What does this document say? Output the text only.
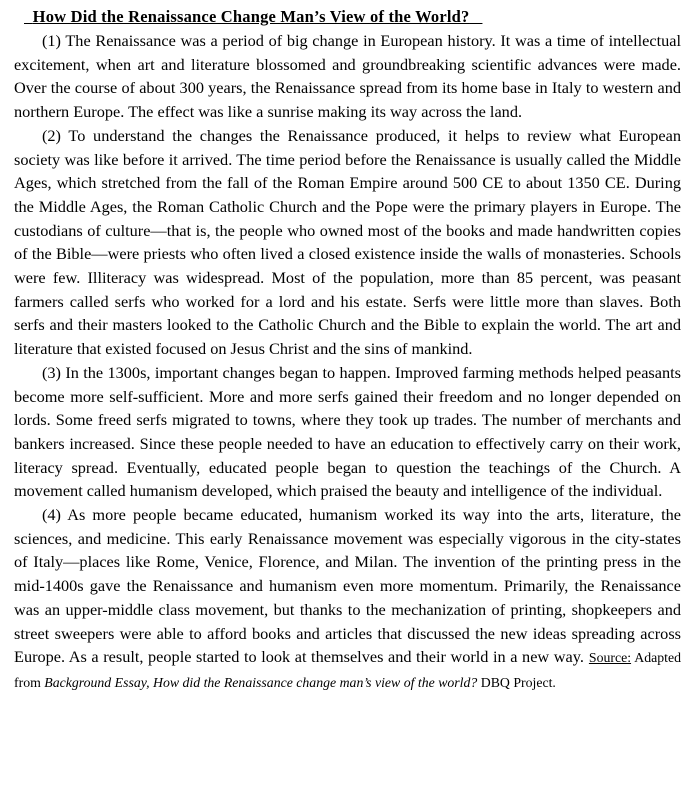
How Did the Renaissance Change Man’s View of the World?

(1) The Renaissance was a period of big change in European history. It was a time of intellectual excitement, when art and literature blossomed and groundbreaking scientific advances were made. Over the course of about 300 years, the Renaissance spread from its home base in Italy to western and northern Europe. The effect was like a sunrise making its way across the land.

(2) To understand the changes the Renaissance produced, it helps to review what European society was like before it arrived. The time period before the Renaissance is usually called the Middle Ages, which stretched from the fall of the Roman Empire around 500 CE to about 1350 CE. During the Middle Ages, the Roman Catholic Church and the Pope were the primary players in Europe. The custodians of culture—that is, the people who owned most of the books and made handwritten copies of the Bible—were priests who often lived a closed existence inside the walls of monasteries. Schools were few. Illiteracy was widespread. Most of the population, more than 85 percent, was peasant farmers called serfs who worked for a lord and his estate. Serfs were little more than slaves. Both serfs and their masters looked to the Catholic Church and the Bible to explain the world. The art and literature that existed focused on Jesus Christ and the sins of mankind.

(3) In the 1300s, important changes began to happen. Improved farming methods helped peasants become more self-sufficient. More and more serfs gained their freedom and no longer depended on lords. Some freed serfs migrated to towns, where they took up trades. The number of merchants and bankers increased. Since these people needed to have an education to effectively carry on their work, literacy spread. Eventually, educated people began to question the teachings of the Church. A movement called humanism developed, which praised the beauty and intelligence of the individual.

(4) As more people became educated, humanism worked its way into the arts, literature, the sciences, and medicine. This early Renaissance movement was especially vigorous in the city-states of Italy—places like Rome, Venice, Florence, and Milan. The invention of the printing press in the mid-1400s gave the Renaissance and humanism even more momentum. Primarily, the Renaissance was an upper-middle class movement, but thanks to the mechanization of printing, shopkeepers and street sweepers were able to afford books and articles that discussed the new ideas spreading across Europe. As a result, people started to look at themselves and their world in a new way. Source: Adapted from Background Essay, How did the Renaissance change man’s view of the world? DBQ Project.
